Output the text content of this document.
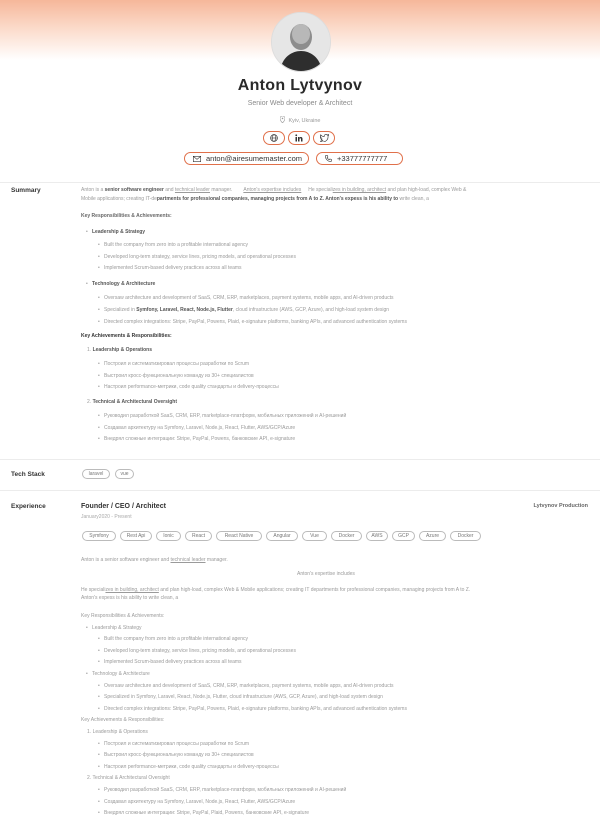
Anton Lytvynov
Senior Web developer & Architect
Kyiv, Ukraine
anton@airesumemaster.com	+33777777777
Summary	Anton is a senior software engineer and technical leader manager. Anton's expertise includes     He specializes in building, architect and plan high-load, complex Web &
Mobile applications; creating IT-departments for professional companies, managing projects from A to Z. Anton's expess is his ability to write clean, a
Key Responsibilities & Achievements:
• Leadership & Strategy
• Built the company from zero into a profitable international agency
• Developed long-term strategy, service lines, pricing models, and operational processes
• Implemented Scrum-based delivery practices across all teams
• Technology & Architecture
• Oversaw architecture and development of SaaS, CRM, ERP, marketplaces, payment systems, mobile apps, and AI-driven products
• Specialized in Symfony, Laravel, React, Node.js, Flutter, cloud infrastructure (AWS, GCP, Azure), and high-load system design
• Directed complex integrations: Stripe, PayPal, Powens, Plaid, e-signature platforms, banking APIs, and advanced authentication systems
Key Achievements & Responsibilities:
1. Leadership & Operations
• Построил и систематизировал процессы разработки по Scrum
• Выстроил кросс-функциональную команду из 30+ специалистов
• Настроил performance-метрики, code quality стандарты и delivery-процессы
2. Technical & Architectural Oversight
• Руководил разработкой SaaS, CRM, ERP, marketplace-платформ, мобильных приложений и AI-решений
• Создавал архитектуру на Symfony, Laravel, Node.js, React, Flutter, AWS/GCP/Azure
• Внедрял сложные интеграции: Stripe, PayPal, Powens, банковские API, e-signature
Tech Stack	laravel	vue
Experience	Founder / CEO / Architect	Lytvynov Production
January2020 - Present
Symfony	Rest Api	Ionic	React	React Native	Angular	Vue	Docker	AWS	GCP	Azure	Docker
Anton is a senior software engineer and technical leader manager.
Anton's expertise includes
He specializes in building, architect and plan high-load, complex Web & Mobile applications; creating IT departments for professional companies, managing projects from A to Z.
Anton's expess is his ability to write clean, a
Key Responsibilities & Achievements:
• Leadership & Strategy
• Built the company from zero into a profitable international agency
• Developed long-term strategy, service lines, pricing models, and operational processes
• Implemented Scrum-based delivery practices across all teams
• Technology & Architecture
• Oversaw architecture and development of SaaS, CRM, ERP, marketplaces, payment systems, mobile apps, and AI-driven products
• Specialized in Symfony, Laravel, React, Node.js, Flutter, cloud infrastructure (AWS, GCP, Azure), and high-load system design
• Directed complex integrations: Stripe, PayPal, Powens, Plaid, e-signature platforms, banking APIs, and advanced authentication systems
Key Achievements & Responsibilities:
1. Leadership & Operations
• Построил и систематизировал процессы разработки по Scrum
• Выстроил кросс-функциональную команду из 30+ специалистов
• Настроил performance-метрики, code quality стандарты и delivery-процессы
2. Technical & Architectural Oversight
• Руководил разработкой SaaS, CRM, ERP, marketplace-платформ, мобильных приложений и AI-решений
• Создавал архитектуру на Symfony, Laravel, Node.js, React, Flutter, AWS/GCP/Azure
• Внедрял сложные интеграции: Stripe, PayPal, Plaid, Powens, банковские API, e-signature
